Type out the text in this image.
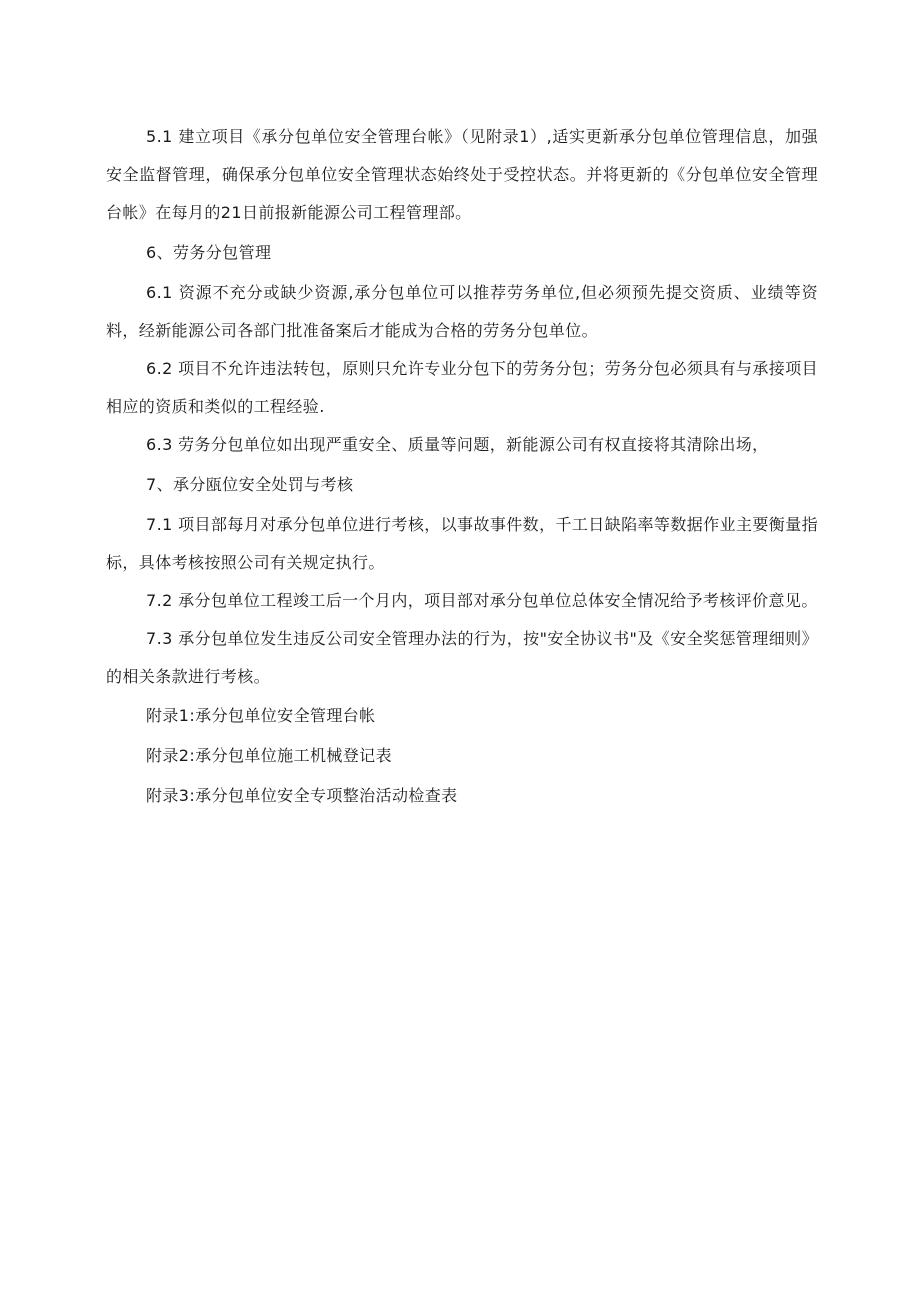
5.1 建立项目《承分包单位安全管理台帐》（见附录1）,适实更新承分包单位管理信息，加强安全监督管理，确保承分包单位安全管理状态始终处于受控状态。并将更新的《分包单位安全管理台帐》在每月的21日前报新能源公司工程管理部。

6、劳务分包管理

6.1 资源不充分或缺少资源,承分包单位可以推荐劳务单位,但必须预先提交资质、业绩等资料，经新能源公司各部门批准备案后才能成为合格的劳务分包单位。

6.2 项目不允许违法转包，原则只允许专业分包下的劳务分包；劳务分包必须具有与承接项目相应的资质和类似的工程经验.

6.3 劳务分包单位如出现严重安全、质量等问题，新能源公司有权直接将其清除出场，

7、承分瓯位安全处罚与考核

7.1 项目部每月对承分包单位进行考核，以事故事件数，千工日缺陷率等数据作业主要衡量指标，具体考核按照公司有关规定执行。

7.2 承分包单位工程竣工后一个月内，项目部对承分包单位总体安全情况给予考核评价意见。

7.3 承分包单位发生违反公司安全管理办法的行为，按"安全协议书"及《安全奖惩管理细则》的相关条款进行考核。

附录1:承分包单位安全管理台帐

附录2:承分包单位施工机械登记表

附录3:承分包单位安全专项整治活动检查表
